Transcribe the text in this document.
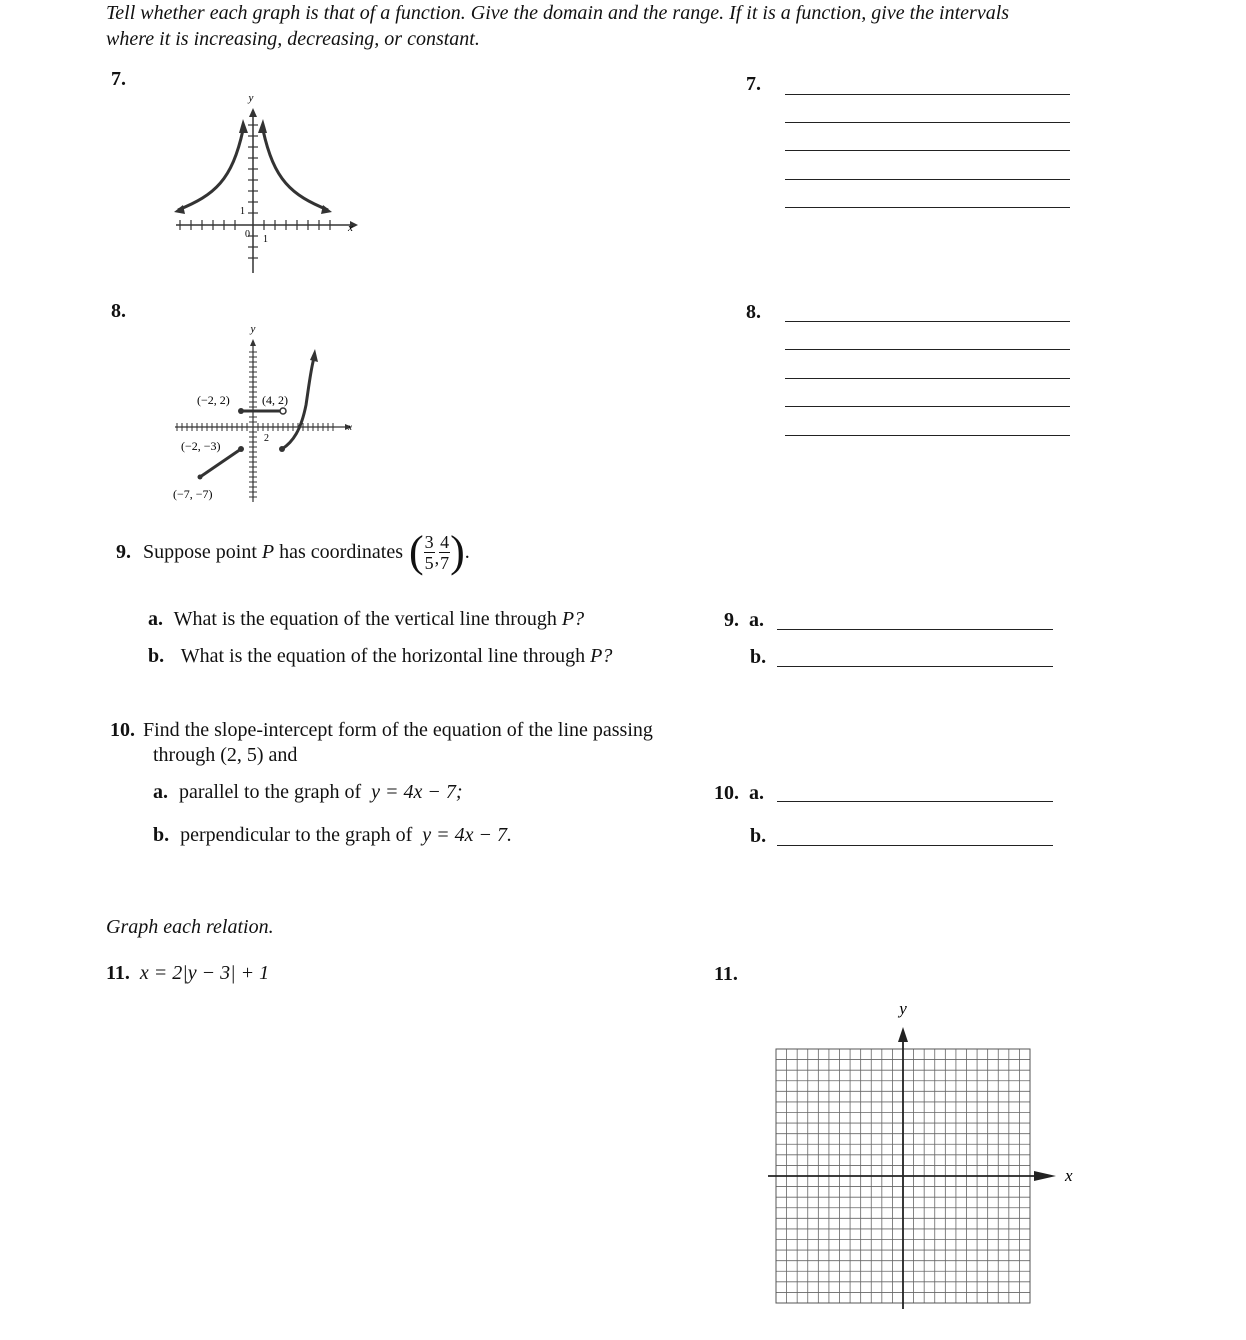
Tell whether each graph is that of a function. Give the domain and the range. If it is a function, give the intervals
where it is increasing, decreasing, or constant.
7.
y
x
1
0 1
7.
8.
y
x
2
(−2, 2)	(4, 2)
(−2, −3)
(−7, −7)
8.
9. Suppose point
P
has coordinates ( $\frac{3}{5}$ , $\frac{4}{7}$ ) .
a. What is the equation of the vertical line through P?
b. What is the equation of the horizontal line through P?
9.  a.
b.
10. Find the slope-intercept form of the equation of the line passing
through (2, 5) and
a. parallel to the graph of y = 4x − 7;
b. perpendicular to the graph of y = 4x − 7.
10.  a.
b.
Graph each relation.
11. x = 2|y − 3| + 1	11.
y
x
